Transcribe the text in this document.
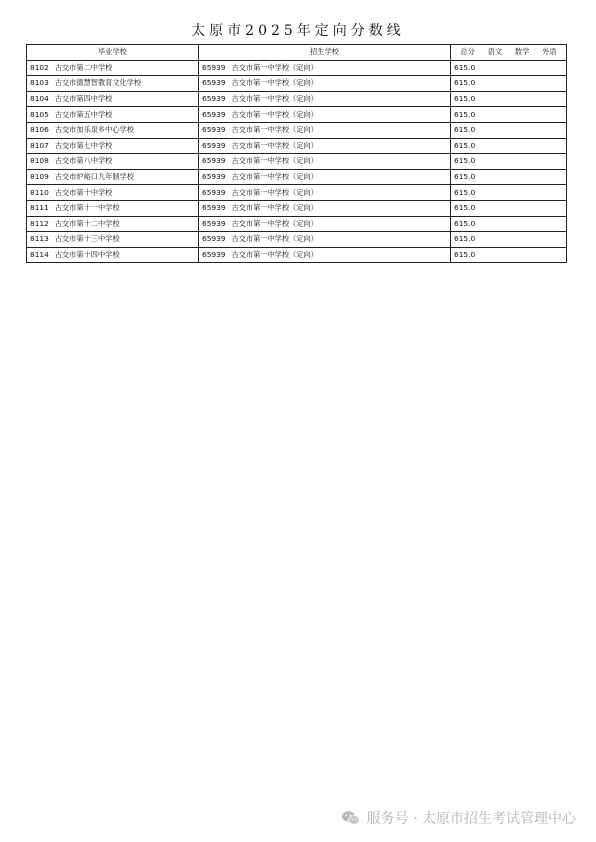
太原市2025年定向分数线
毕业学校	招生学校	总分 语文 数学 外语

8102 古交市第二中学校	65939 古交市第一中学校（定向）	615.0
8103 古交市德慧智教育文化学校	65939 古交市第一中学校（定向）	615.0
8104 古交市第四中学校	65939 古交市第一中学校（定向）	615.0
8105 古交市第五中学校	65939 古交市第一中学校（定向）	615.0
8106 古交市加乐泉乡中心学校	65939 古交市第一中学校（定向）	615.0
8107 古交市第七中学校	65939 古交市第一中学校（定向）	615.0
8108 古交市第八中学校	65939 古交市第一中学校（定向）	615.0
8109 古交市炉峪口九年制学校	65939 古交市第一中学校（定向）	615.0
8110 古交市第十中学校	65939 古交市第一中学校（定向）	615.0
8111 古交市第十一中学校	65939 古交市第一中学校（定向）	615.0
8112 古交市第十二中学校	65939 古交市第一中学校（定向）	615.0
8113 古交市第十三中学校	65939 古交市第一中学校（定向）	615.0
8114 古交市第十四中学校	65939 古交市第一中学校（定向）	615.0
服务号 · 太原市招生考试管理中心
